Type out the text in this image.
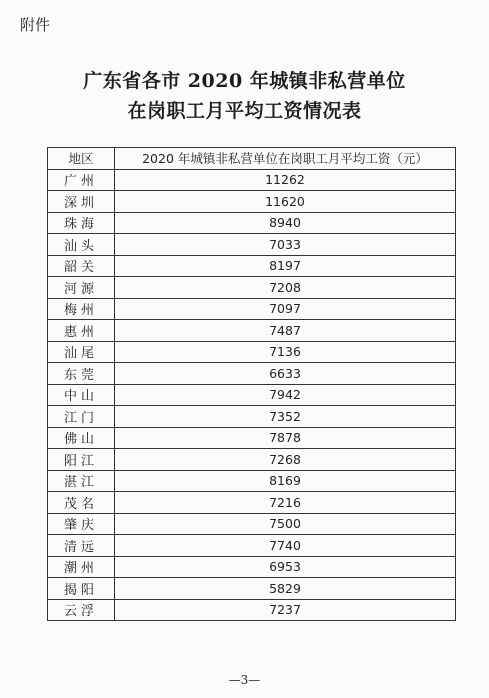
附件
广东省各市 2020 年城镇非私营单位
在岗职工月平均工资情况表
地区	2020 年城镇非私营单位在岗职工月平均工资（元）
广州	11262
深圳	11620
珠海	8940
汕头	7033
韶关	8197
河源	7208
梅州	7097
惠州	7487
汕尾	7136
东莞	6633
中山	7942
江门	7352
佛山	7878
阳江	7268
湛江	8169
茂名	7216
肇庆	7500
清远	7740
潮州	6953
揭阳	5829
云浮	7237
—3—
